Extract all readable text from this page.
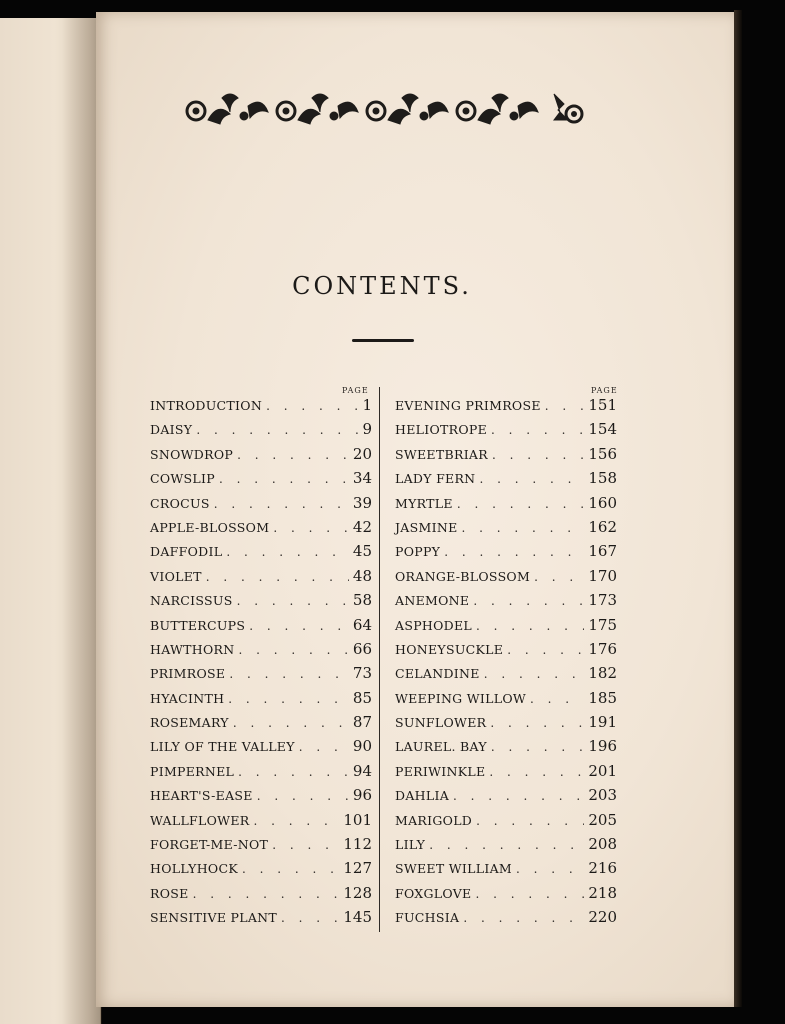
CONTENTS.
PAGE	PAGE
INTRODUCTION . . .	1
DAISY . . .	9
SNOWDROP . . .	20
COWSLIP . . .	34
CROCUS . . .	39
APPLE-BLOSSOM . . .	42
DAFFODIL . . .	45
VIOLET . . .	48
NARCISSUS . . .	58
BUTTERCUPS . . .	64
HAWTHORN . . .	66
PRIMROSE . . .	73
HYACINTH . . .	85
ROSEMARY . . .	87
LILY OF THE VALLEY . . .	90
PIMPERNEL . . .	94
HEART'S-EASE . . .	96
WALLFLOWER . . .	101
FORGET-ME-NOT . . .	112
HOLLYHOCK . . .	127
ROSE . . .	128
SENSITIVE PLANT . . .	145
EVENING PRIMROSE . . .	151
HELIOTROPE . . .	154
SWEETBRIAR . . .	156
LADY FERN . . .	158
MYRTLE . . .	160
JASMINE . . .	162
POPPY . . .	167
ORANGE-BLOSSOM . . .	170
ANEMONE . . .	173
ASPHODEL . . .	175
HONEYSUCKLE . . .	176
CELANDINE . . .	182
WEEPING WILLOW . . .	185
SUNFLOWER . . .	191
LAUREL. BAY . . .	196
PERIWINKLE . . .	201
DAHLIA . . .	203
MARIGOLD . . .	205
LILY . . .	208
SWEET WILLIAM . . .	216
FOXGLOVE . . .	218
FUCHSIA . . .	220
